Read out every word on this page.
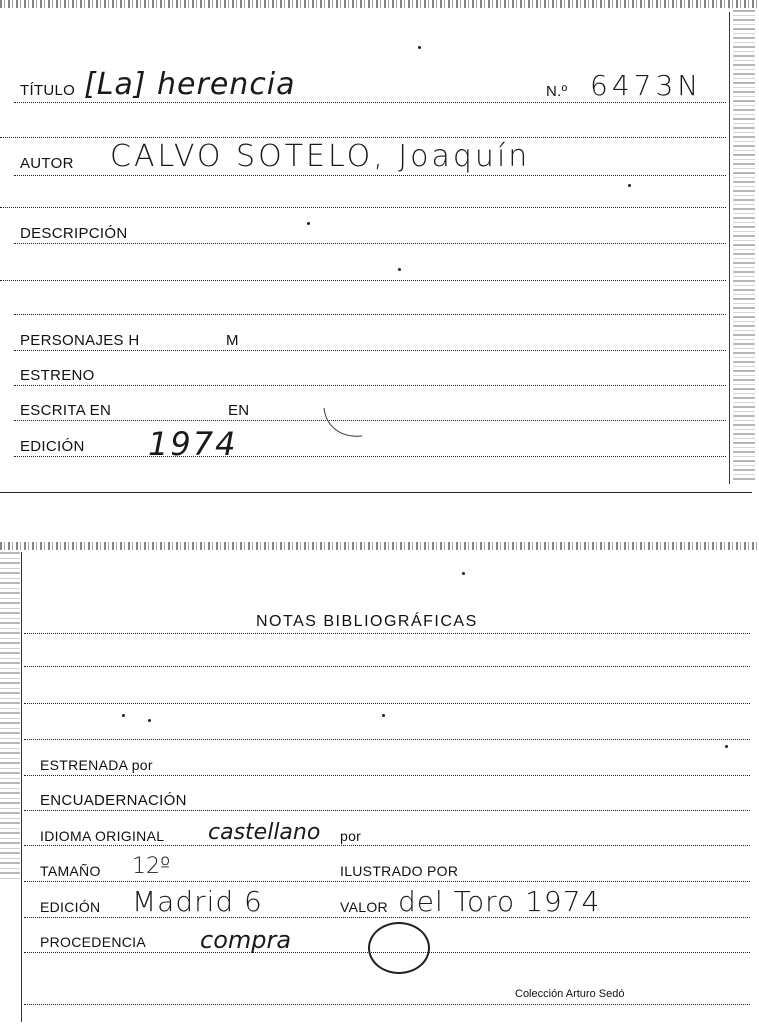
TÍTULO [La] herencia	N.º 6473N
AUTOR CALVO SOTELO, Joaquín
DESCRIPCIÓN
PERSONAJES H	M
ESTRENO
ESCRITA EN	EN
EDICIÓN 1974
NOTAS BIBLIOGRÁFICAS
ESTRENADA por
ENCUADERNACIÓN
IDIOMA ORIGINAL castellano por
TAMAÑO 12º	ILUSTRADO POR
EDICIÓN Madrid 6	VALOR del Toro 1974
PROCEDENCIA compra
Colección Arturo Sedó
